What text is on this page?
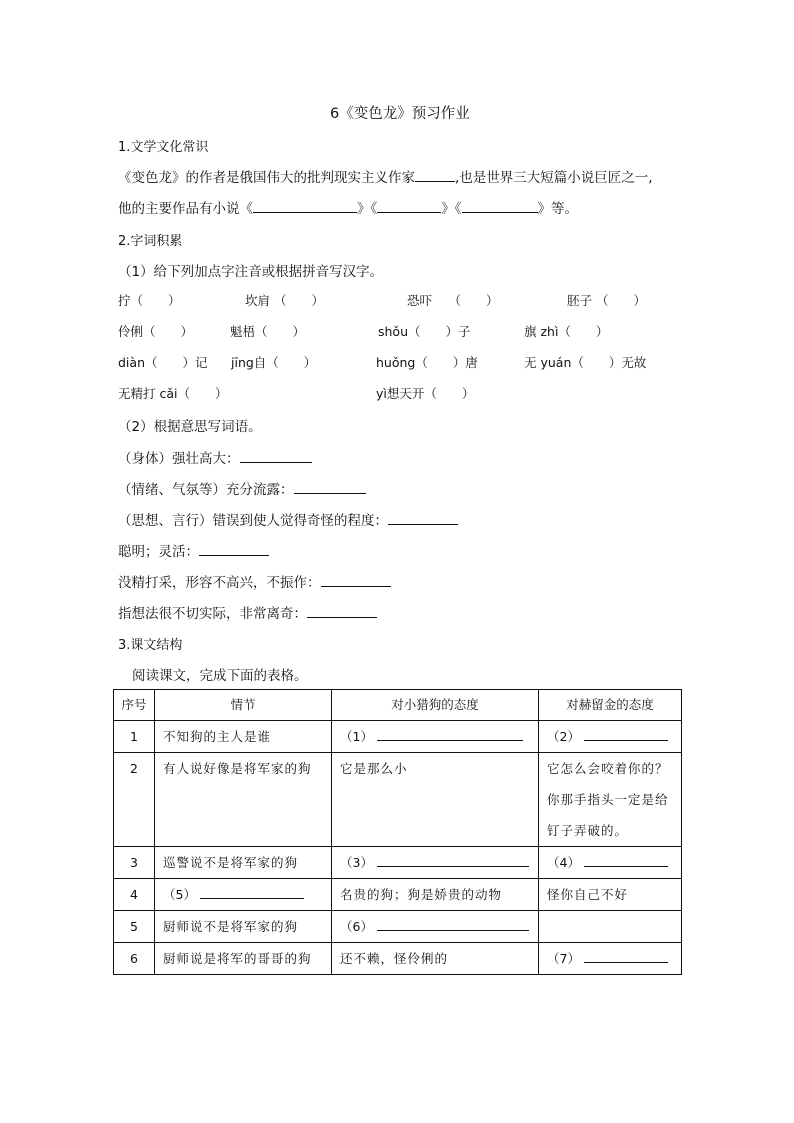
6《变色龙》预习作业
1.文学文化常识
《变色龙》的作者是俄国伟大的批判现实主义作家	,也是世界三大短篇小说巨匠之一,
他的主要作品有小说《	》《	》《	》等。
2.字词积累
（1）给下列加点字注音或根据拼音写汉字。
拧（　　）	坎肩 （　　）	恐吓　 （　　）	胚子 （　　）
伶俐（　　）	魁梧（　　）	shǒu（　　）子	旗 zhì（　　）
diàn（　　）记 jīng自（　　）	huǒng（　　）唐	无 yuán（　　）无故
无精打 cǎi（　　）	yì想天开（　　）
（2）根据意思写词语。
（身体）强壮高大：
（情绪、气氛等）充分流露：
（思想、言行）错误到使人觉得奇怪的程度：
聪明；灵活：
没精打采，形容不高兴，不振作：
指想法很不切实际，非常离奇：
3.课文结构
阅读课文，完成下面的表格。
序号	情节	对小猎狗的态度	对赫留金的态度
1	不知狗的主人是谁	（1）	（2）
2	有人说好像是将军家的狗	它是那么小	它怎么会咬着你的？
你那手指头一定是给
钉子弄破的。

3	巡警说不是将军家的狗	（3）	（4）
4	（5）	名贵的狗；狗是娇贵的动物	怪你自己不好
5	厨师说不是将军家的狗	（6）	
6	厨师说是将军的哥哥的狗	还不赖，怪伶俐的	（7）
